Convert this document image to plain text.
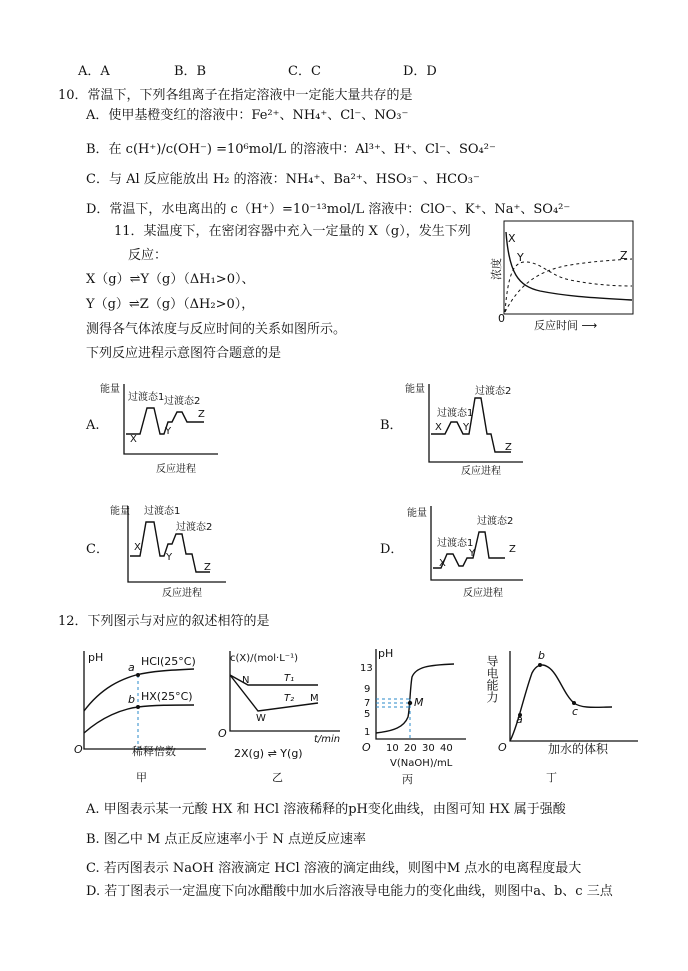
A．A	B．B	C．C	D．D
10．常温下，下列各组离子在指定溶液中一定能大量共存的是
A．使甲基橙变红的溶液中：Fe²⁺、NH₄⁺、Cl⁻、NO₃⁻
B．在 c(H⁺)/c(OH⁻) =10⁶mol/L 的溶液中：Al³⁺、H⁺、Cl⁻、SO₄²⁻
C．与 Al 反应能放出 H₂ 的溶液：NH₄⁺、Ba²⁺、HSO₃⁻ 、HCO₃⁻
D．常温下，水电离出的 c（H⁺）=10⁻¹³mol/L 溶液中：ClO⁻、K⁺、Na⁺、SO₄²⁻
11．某温度下，在密闭容器中充入一定量的 X（g），发生下列
反应：
X（g）⇌Y（g）（ΔH₁>0）、
Y（g）⇌Z（g）（ΔH₂>0），
测得各气体浓度与反应时间的关系如图所示。
下列反应进程示意图符合题意的是
X
Y	Z
浓度
0
反应时间 ⟶
A.
能量
过渡态1 过渡态2
X
Y
Z
反应进程
B．
能量
过渡态1
过渡态2
X Y
Z
反应进程
C．
能量 过渡态1
过渡态2
X
Y
Z
反应进程
D．
能量
过渡态1
过渡态2
X
Y	Z
反应进程
12．下列图示与对应的叙述相符的是
pH	HCl(25°C)
HX(25°C)
a
b
O	稀释倍数
甲
c(X)/(mol·L⁻¹)
N
M
W
T₁
T₂
O	t/min
2X(g) ⇌ Y(g)
乙
pH
13
9
7
5
1
M
O 10 20 30 40
V(NaOH)/mL
丙
导电能力
a
b
c
O	加水的体积
丁
A. 甲图表示某一元酸 HX 和 HCl 溶液稀释的pH变化曲线，由图可知 HX 属于强酸
B. 图乙中 M 点正反应速率小于 N 点逆反应速率
C. 若丙图表示 NaOH 溶液滴定 HCl 溶液的滴定曲线，则图中M 点水的电离程度最大
D. 若丁图表示一定温度下向冰醋酸中加水后溶液导电能力的变化曲线，则图中a、b、c 三点
